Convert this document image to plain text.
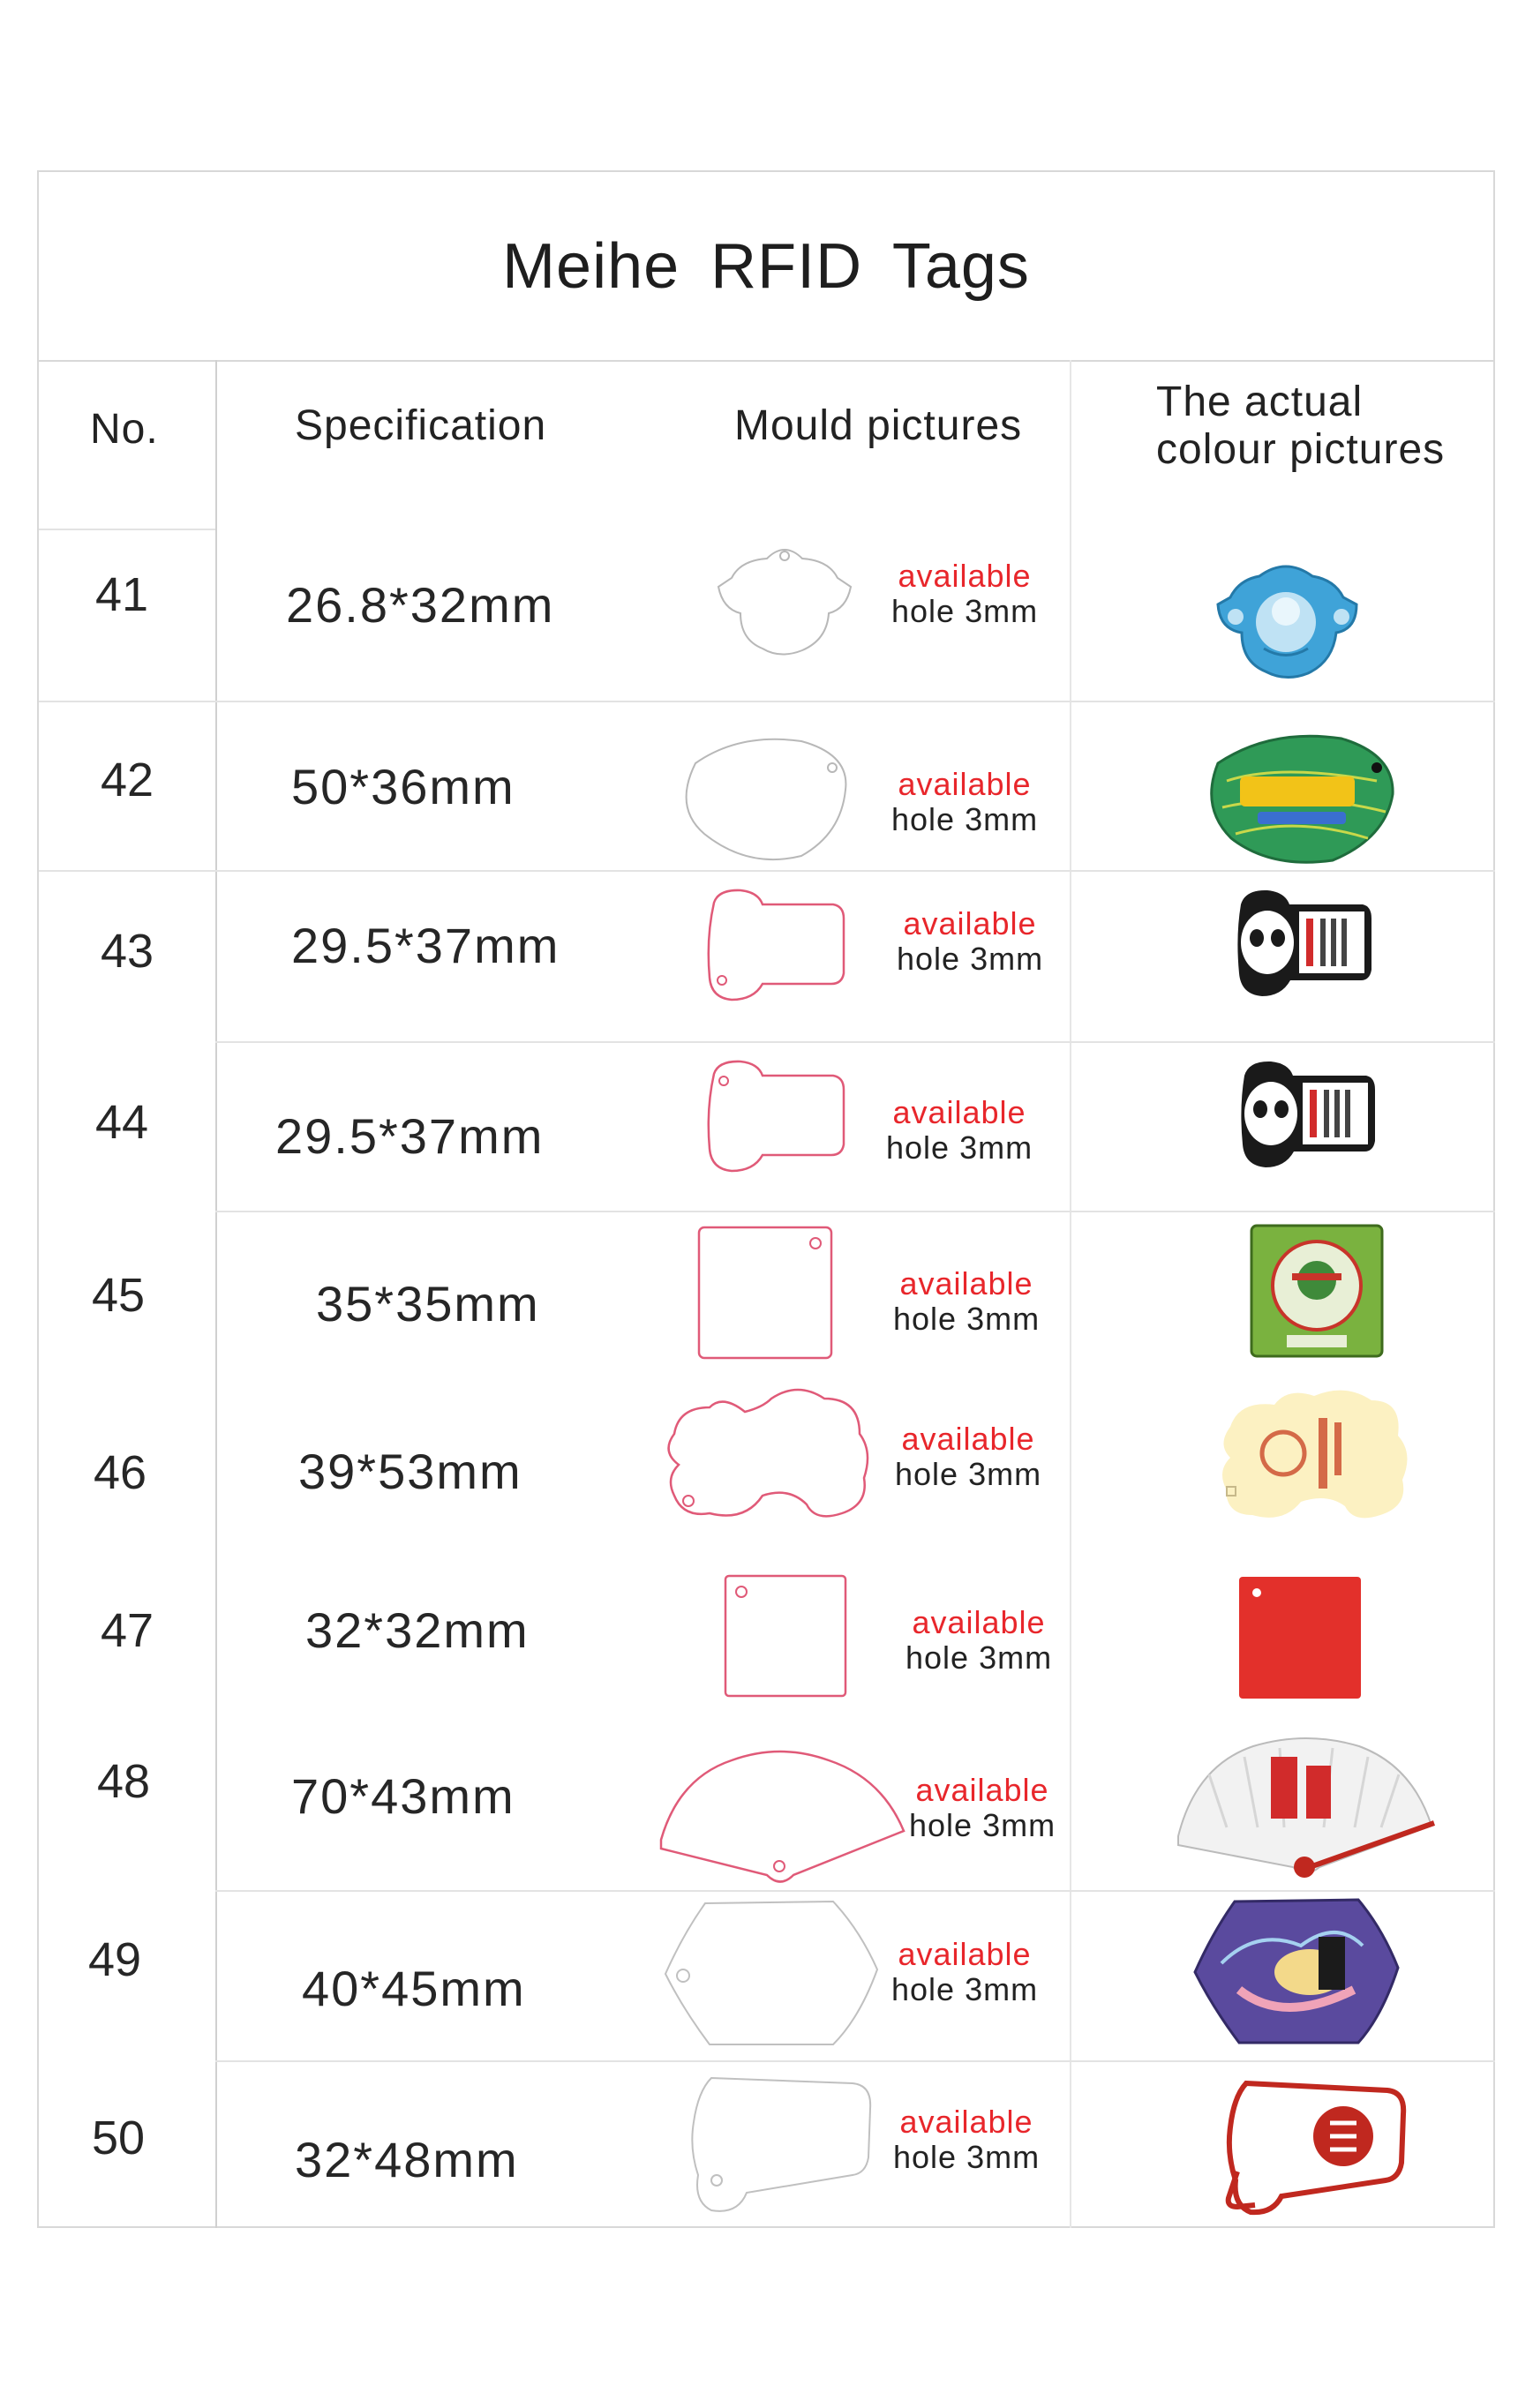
Meihe RFID Tags
No.	Specification	Mould pictures
The actual
colour pictures
41
42
43
44
45
46
47
48
49
50
26.8*32mm
50*36mm
29.5*37mm
29.5*37mm
35*35mm
39*53mm
32*32mm
70*43mm
40*45mm
32*48mm
available
hole 3mm
available
hole 3mm
available
hole 3mm
available
hole 3mm
available
hole 3mm
available
hole 3mm
available
hole 3mm
available
hole 3mm
available
hole 3mm
available
hole 3mm
